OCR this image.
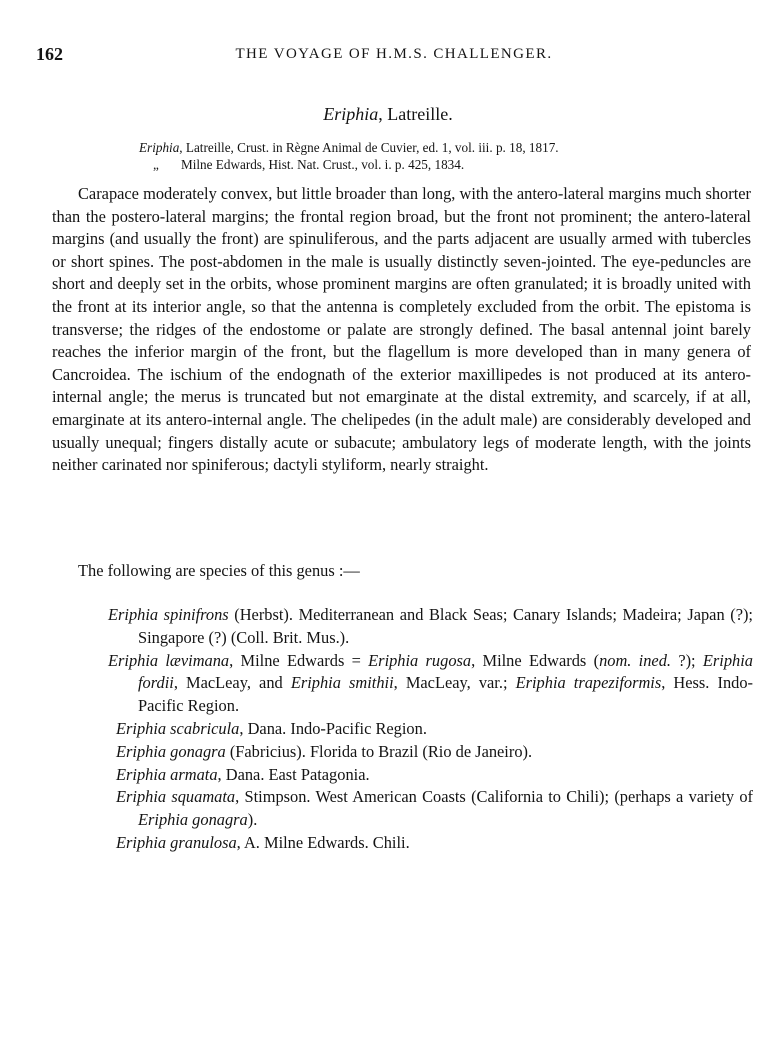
162	THE VOYAGE OF H.M.S. CHALLENGER.
Eriphia, Latreille.
Eriphia, Latreille, Crust. in Règne Animal de Cuvier, ed. 1, vol. iii. p. 18, 1817.
„ Milne Edwards, Hist. Nat. Crust., vol. i. p. 425, 1834.

Carapace moderately convex, but little broader than long, with the antero-lateral margins much shorter than the postero-lateral margins; the frontal region broad, but the front not prominent; the antero-lateral margins (and usually the front) are spinuliferous, and the parts adjacent are usually armed with tubercles or short spines. The post-abdomen in the male is usually distinctly seven-jointed. The eye-peduncles are short and deeply set in the orbits, whose prominent margins are often granulated; it is broadly united with the front at its interior angle, so that the antenna is completely excluded from the orbit. The epistoma is transverse; the ridges of the endostome or palate are strongly defined. The basal antennal joint barely reaches the inferior margin of the front, but the flagellum is more developed than in many genera of Cancroidea. The ischium of the endognath of the exterior maxillipedes is not produced at its antero-internal angle; the merus is truncated but not emarginate at the distal extremity, and scarcely, if at all, emarginate at its antero-internal angle. The chelipedes (in the adult male) are considerably developed and usually unequal; fingers distally acute or subacute; ambulatory legs of moderate length, with the joints neither carinated nor spiniferous; dactyli styliform, nearly straight.

The following are species of this genus :—

Eriphia spinifrons (Herbst). Mediterranean and Black Seas; Canary Islands; Madeira; Japan (?); Singapore (?) (Coll. Brit. Mus.).

Eriphia lævimana, Milne Edwards = Eriphia rugosa, Milne Edwards (nom. ined. ?); Eriphia fordii, MacLeay, and Eriphia smithii, MacLeay, var.; Eriphia trapeziformis, Hess. Indo-Pacific Region.

Eriphia scabricula, Dana. Indo-Pacific Region.

Eriphia gonagra (Fabricius). Florida to Brazil (Rio de Janeiro).

Eriphia armata, Dana. East Patagonia.

Eriphia squamata, Stimpson. West American Coasts (California to Chili); (perhaps a variety of Eriphia gonagra).

Eriphia granulosa, A. Milne Edwards. Chili.
